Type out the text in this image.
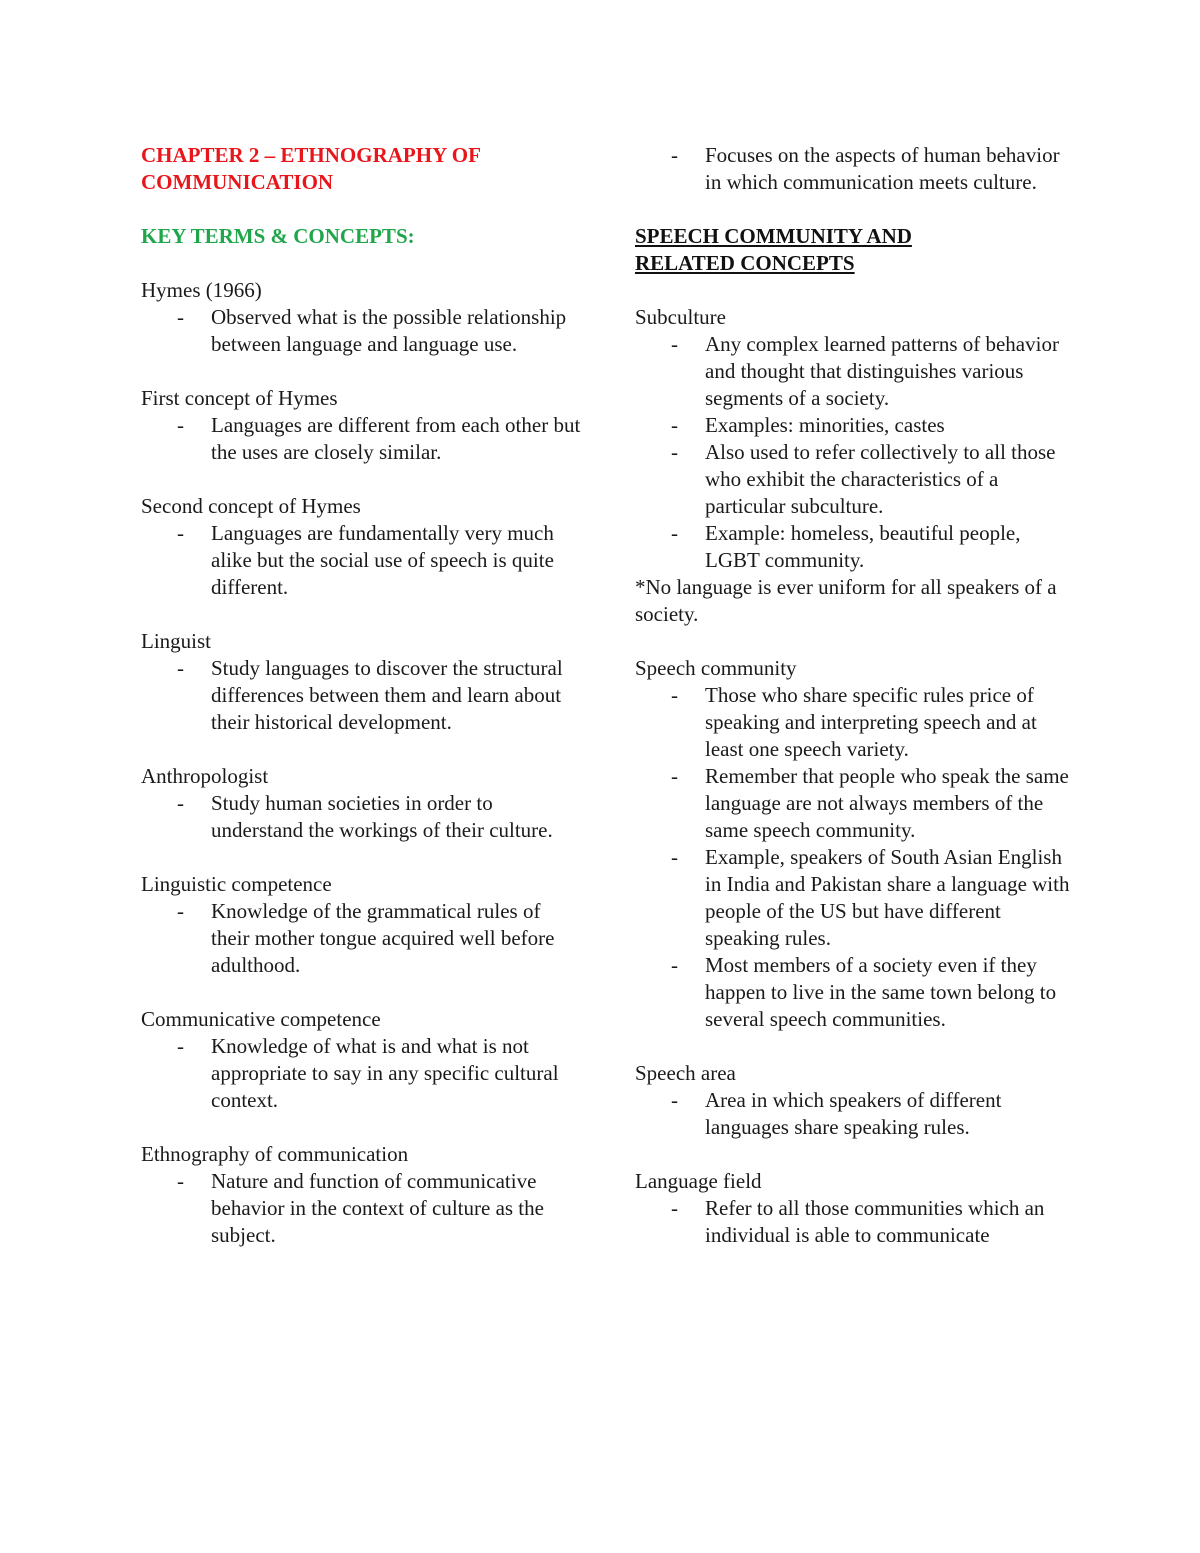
CHAPTER 2 – ETHNOGRAPHY OF
COMMUNICATION

KEY TERMS & CONCEPTS:

Hymes (1966)

- Observed what is the possible relationship between language and language use.

First concept of Hymes

- Languages are different from each other but the uses are closely similar.

Second concept of Hymes

- Languages are fundamentally very much alike but the social use of speech is quite different.

Linguist

- Study languages to discover the structural differences between them and learn about their historical development.

Anthropologist

- Study human societies in order to understand the workings of their culture.

Linguistic competence

- Knowledge of the grammatical rules of their mother tongue acquired well before adulthood.

Communicative competence

- Knowledge of what is and what is not appropriate to say in any specific cultural context.

Ethnography of communication

- Nature and function of communicative behavior in the context of culture as the subject.
- Focuses on the aspects of human behavior in which communication meets culture.

SPEECH COMMUNITY AND
RELATED CONCEPTS

Subculture

- Any complex learned patterns of behavior and thought that distinguishes various segments of a society.
- Examples: minorities, castes
- Also used to refer collectively to all those who exhibit the characteristics of a particular subculture.
- Example: homeless, beautiful people, LGBT community.

*No language is ever uniform for all speakers of a society.

Speech community

- Those who share specific rules price of speaking and interpreting speech and at least one speech variety.
- Remember that people who speak the same language are not always members of the same speech community.
- Example, speakers of South Asian English in India and Pakistan share a language with people of the US but have different speaking rules.
- Most members of a society even if they happen to live in the same town belong to several speech communities.

Speech area

- Area in which speakers of different languages share speaking rules.

Language field

- Refer to all those communities which an individual is able to communicate
